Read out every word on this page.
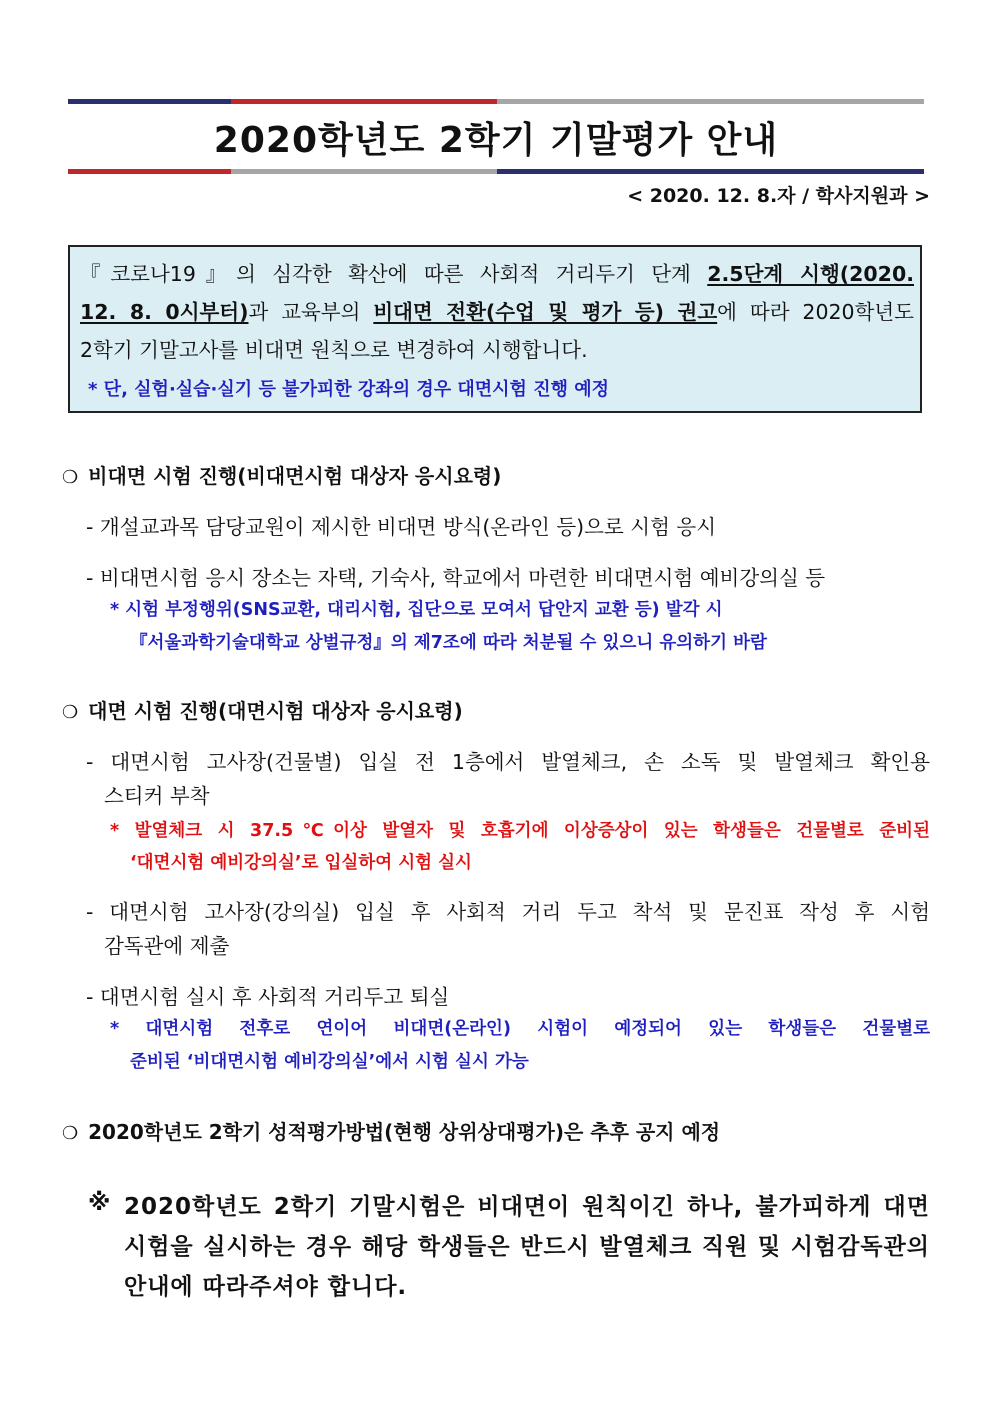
2020학년도 2학기 기말평가 안내
< 2020. 12. 8.자 / 학사지원과 >
『코로나19』의 심각한 확산에 따른 사회적 거리두기 단계 2.5단계 시행(2020.
12. 8. 0시부터)과 교육부의 비대면 전환(수업 및 평가 등) 권고에 따라 2020학년도
2학기 기말고사를 비대면 원칙으로 변경하여 시행합니다.
* 단, 실험·실습·실기 등 불가피한 강좌의 경우 대면시험 진행 예정
❍ 비대면 시험 진행(비대면시험 대상자 응시요령)
- 개설교과목 담당교원이 제시한 비대면 방식(온라인 등)으로 시험 응시
- 비대면시험 응시 장소는 자택, 기숙사, 학교에서 마련한 비대면시험 예비강의실 등
* 시험 부정행위(SNS교환, 대리시험, 집단으로 모여서 답안지 교환 등) 발각 시
『서울과학기술대학교 상벌규정』의 제7조에 따라 처분될 수 있으니 유의하기 바람
❍ 대면 시험 진행(대면시험 대상자 응시요령)
- 대면시험 고사장(건물별) 입실 전 1층에서 발열체크, 손 소독 및 발열체크 확인용
스티커 부착
* 발열체크 시 37.5℃이상 발열자 및 호흡기에 이상증상이 있는 학생들은 건물별로 준비된
‘대면시험 예비강의실’로 입실하여 시험 실시
- 대면시험 고사장(강의실) 입실 후 사회적 거리 두고 착석 및 문진표 작성 후 시험
감독관에 제출
- 대면시험 실시 후 사회적 거리두고 퇴실
* 대면시험 전후로 연이어 비대면(온라인) 시험이 예정되어 있는 학생들은 건물별로
준비된 ‘비대면시험 예비강의실’에서 시험 실시 가능
❍ 2020학년도 2학기 성적평가방법(현행 상위상대평가)은 추후 공지 예정
※ 2020학년도 2학기 기말시험은 비대면이 원칙이긴 하나, 불가피하게 대면
시험을 실시하는 경우 해당 학생들은 반드시 발열체크 직원 및 시험감독관의
안내에 따라주셔야 합니다.
